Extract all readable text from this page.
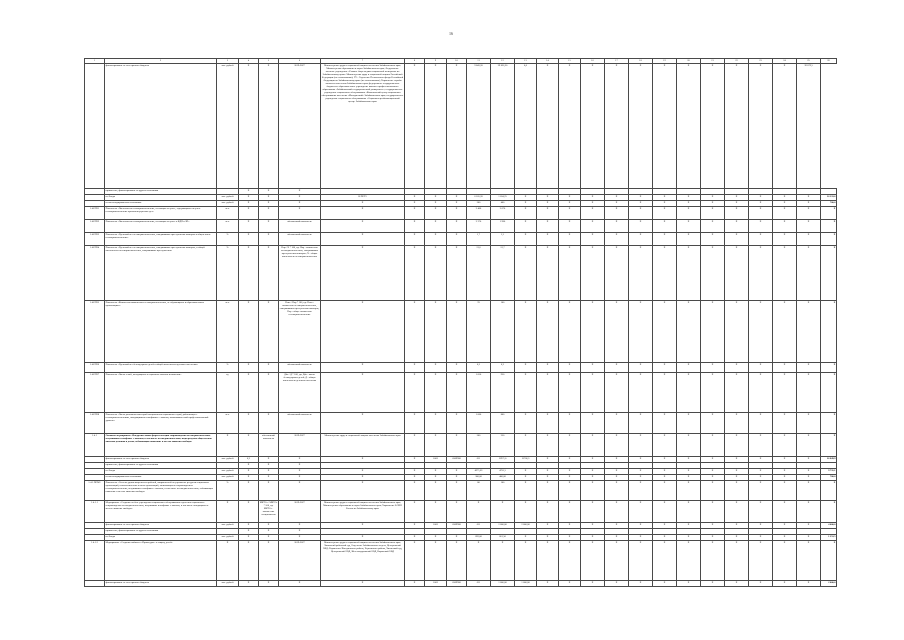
16
1	2	3	4	5	6	7	8	9	10	11	12	13	14	15	16	17	18	19	20	21	22	23	24	25	26
	финансирование за счет краевого бюджета	тыс. рублей	Х	Х	2019-2027	Министерство труда и социальной защиты населения Забайкальского края; Министерство образования и науки Забайкальского края; Федеральное казенное учреждение «Главное бюро медико-социальной экспертизы по Забайкальскому краю» Министерства труда и социальной защиты Российской Федерации (по согласованию); ГУ - Отделение Пенсионного фонда Российской Федерации по Забайкальскому краю (по согласованию); Управление службы занятости населения Забайкальского края; федеральное государственное бюджетное образовательное учреждение высшего профессионального образования «Забайкальский государственный университет»; государственное учреждение социального обслуживания «Комплексный центр социального обслуживания населения «Ингодинский» Забайкальского края; государственное учреждение социального обслуживания «Социально-реабилитационный центр» Забайкальского края	Х	Х	Х	9 843,20	29 836,30	0,0	Х	Х	Х	Х	Х	Х	Х	Х	Х	Х	Х	39 679,5	
	привлечено, финансирование из других источников		Х	Х	Х																				
	из Фонда	тыс. рублей	Х	Х	Х	В ПЕТЗ	Х	Х	Х	6 105,20	1 034,25	Х	Х	Х	Х	Х	Х	Х	Х	Х	Х	Х	Х	Х	16 133,6
	из консолидированных источников	тыс. рублей	Х	Х	Х	Х	Х	Х	Х	300	400	Х	Х	Х	Х	Х	Х	Х	Х	Х	Х	Х	Х	Х	700,0
1.4.ЕПЗ1	Показатель «Численность несовершеннолетних, состоящих на учете, содержащихся на учете несовершеннолетних органов внутренних дел»	чел.	Х	Х	Х	Х	Х	Х	Х	2 400	2 070	Х	Х	Х	Х	Х	Х	Х	Х	Х	Х	Х	Х	Х	Х
1.4.ЕПЗ2	Показатель «Численность несовершеннолетних, состоящих на учете в КДН и ЗП»	чел.	Х	Х	абсолютный показатель	Х	Х	Х	Х	2 370	1 900	Х	Х	Х	Х	Х	Х	Х	Х	Х	Х	Х	Х	Х	Х
1.4.ЕПЗ3	Показатель «Удельный вес несовершеннолетних, совершивших преступления повторно в общем числе несовершеннолетних»	%	Х	Х	абсолютный показатель	Х	Х	Х	Х	1,7	1,5	Х	Х	Х	Х	Х	Х	Х	Х	Х	Х	Х	Х	Х	Х
1.4.ЕПЗ4	Показатель «Удельный вес несовершеннолетних, совершивших преступления повторно, в общей численности несовершеннолетних, совершивших преступления»	%	Х	Х	Нпр / N * 100, где Нпр - количество несовершеннолетних, совершивших преступления повторно; N - общая численность несовершеннолетних	Х	Х	Х	Х	13,0	12,7	Х	Х	Х	Х	Х	Х	Х	Х	Х	Х	Х	Х	Х	Х
1.4.ЕПЗ5	Показатель «Количество выявленных несовершеннолетних, не обучающихся в образовательных организациях»	чел.	Х	Х	Нспо / Нчр * 100, где Нспо - количество несовершеннолетних, совершивших преступления повторно, Нчр - общее количество несовершеннолетних	Х	Х	Х	Х	70	100	Х	Х	Х	Х	Х	Х	Х	Х	Х	Х	Х	Х	Х	Х
1.4.ЕПЗ6	Показатель «Удельный вес безнадзорных детей в общей численности детского населения»	%	Х	Х	абсолютный показатель	Х	Х	Х	Х	0,3	0,2	Х	Х	Х	Х	Х	Х	Х	Х	Х	Х	Х	Х	Х	Х
1.4.ЕПЗ7	Показатель «Число семей, находящихся в социально опасном положении»	ед.	Х	Х	Дбн / Д * 100, где Дбн - число безнадзорных детей; Д - общая численность детского населения	Х	Х	Х	Х	1 050	950	Х	Х	Х	Х	Х	Х	Х	Х	Х	Х	Х	Х	Х	Х
1.4.ЕПЗ8	Показатель «Число различных категорий специалистов социальных служб, работающих с несовершеннолетними, находящимися в конфликте с законом, повысивших свой профессиональный уровень»	чел.	Х	Х	абсолютный показатель	Х	Х	Х	Х	1 000	800	Х	Х	Х	Х	Х	Х	Х	Х	Х	Х	Х	Х	Х	Х
1.4.1	Основное мероприятие «Внедрение новых форм и методик сопровождения несовершеннолетних, вступивших в конфликт с законом, в том числе несовершеннолетних, подвергнутых общественно опасным деяниям и детям, отбывающих наказание в местах лишения свободы»	Х	Х	абсолютный показатель	2019-2027	Министерство труда и социальной защиты населения Забайкальского края	Х	Х	Х	300	250	Х	Х	Х	Х	Х	Х	Х	Х	Х	Х	Х	Х	Х	Х
	финансирование за счет краевого бюджета	тыс. рублей	0,2	Х	Х	Х	Х	1003	0309908	611	12971,0	13766,3	Х	Х	Х	Х	Х	Х	Х	Х	Х	Х	Х	Х	26 849,9
	привлечено, финансирование из других источников		Х	Х	Х																				
	из Фонда	тыс. рублей	Х	Х	Х	Х	Х	Х	Х	4975,63	4755,5	Х	Х	Х	Х	Х	Х	Х	Х	Х	Х	Х	Х	Х	9 731,1
	из консолидированных источников	тыс. рублей	Х	Х	Х	Х	Х	Х	Х	300,00	400,00	Х	Х	Х	Х	Х	Х	Х	Х	Х	Х	Х	Х	Х	700,0
1.4.1.ПОМ1	Показатель «Степень удовлетворенности работой, направленной на улучшение ресурсов социальных организаций, психологических и иных организаций, занимающихся сопровождением несовершеннолетних, вступивших в конфликт с законом, в том числе несовершеннолетних, отбывающих наказание в местах лишения свободы»	%	Х	Х	Х	Х	Х	Х	Х	80	100	Х	Х	Х	Х	Х	Х	Х	Х	Х	Х	Х	Х	Х	Х
1.4.1.1	Мероприятие «Создание на базе учреждения социального обслуживания отделения социального сопровождения несовершеннолетних, вступивших в конфликт с законом, в том числе находящихся в местах лишения свободы»	Х	Х	МКТСо / МКТСт * 100, где МКТСо - количество специалистов	2019-2027	Министерство труда и социальной защиты населения Забайкальского края; Министерство образования и науки Забайкальского края; Управление ФСИН России по Забайкальскому краю	Х	Х	Х	Х	Х	Х	Х	Х	Х	Х	Х	Х	Х	Х	Х	Х	Х	Х	Х
	финансирование за счет краевого бюджета	тыс. рублей	Х	Х	Х	Х	Х	1003	0309908	611	2 000,00	2 000,00	Х	Х	Х	Х	Х	Х	Х	Х	Х	Х	Х	Х	4 000,0
	привлечено, финансирование из других источников		Х	Х	Х																				
	из Фонда	тыс. рублей	Х	Х	Х	Х	Х	Х	Х	692,00	661,50	Х	Х	Х	Х	Х	Х	Х	Х	Х	Х	Х	Х	Х	1 353,5
1.4.1.2	Мероприятие «Создание кабинета «Правосудие» в защиту детей»	Х	Х	Х	2019-2027	Министерство труда и социальной защиты населения Забайкальского края; Читинский районный суд, Отделение Забайкальского отдела, Центральный ОВД; Управление Ингодинского района, Черновского района, Читинский суд, Центральный ОВД, Железнодорожный ОВД, Кировский ОВД	Х	Х	Х	Х	Х	Х	Х	Х	Х	Х	Х	Х	Х	Х	Х	Х	Х	Х	Х
	финансирование за счет краевого бюджета	тыс. рублей	Х	Х	Х	Х	Х	1003	0309908	611	1 000,00	1 000,00	Х	Х	Х	Х	Х	Х	Х	Х	Х	Х	Х	Х	2 000,0
